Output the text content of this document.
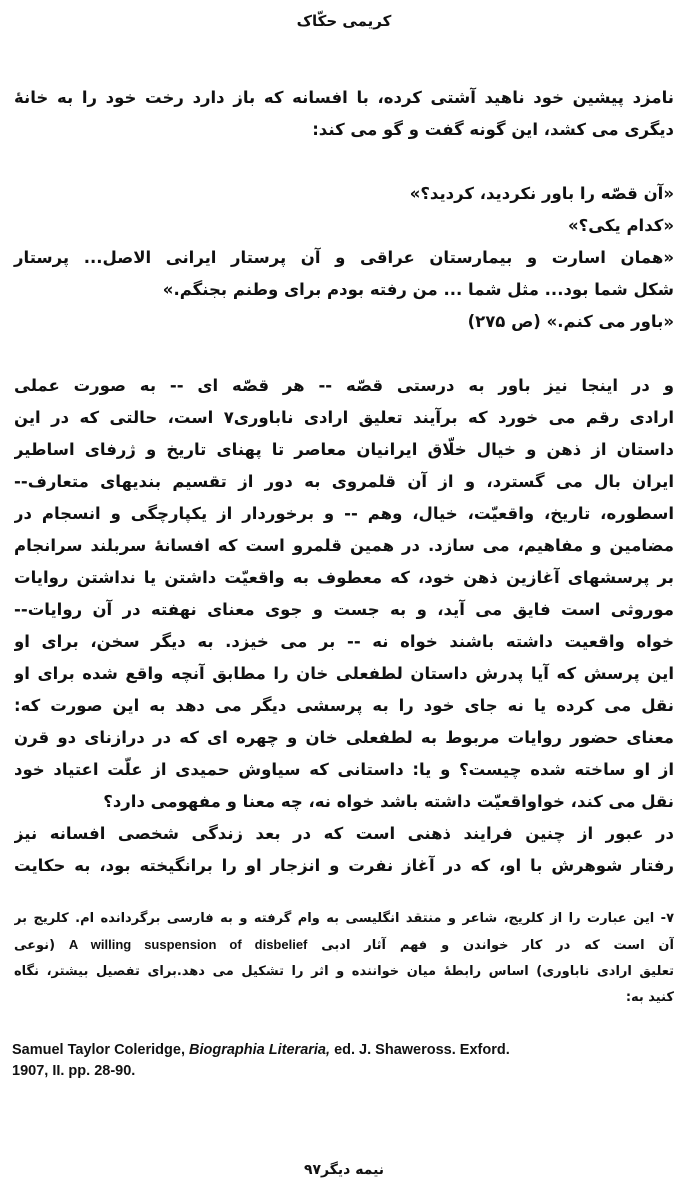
کریمی حکّاک
نامزد پیشین خود ناهید آشتی کرده، با افسانه که باز دارد رخت خود را به خانهٔ
دیگری می کشد، این گونه گفت و گو می کند:
«آن قصّه را باور نکردید، کردید؟»
«کدام یکی؟»
«همان اسارت و بیمارستان عراقی و آن پرستار ایرانی الاصل... پرستار
شکل شما بود... مثل شما ... من رفته بودم برای وطنم بجنگم.»
«باور می کنم.» (ص ۲۷۵)
و در اینجا نیز باور به درستی قصّه -- هر قصّه ای -- به صورت عملی
ارادی رقم می خورد که برآیند تعلیق ارادی ناباوری۷ است، حالتی که در این
داستان از ذهن و خیال خلّاق ایرانیان معاصر تا پهنای تاریخ و ژرفای اساطیر
ایران بال می گسترد، و از آن قلمروی به دور از تقسیم بندیهای متعارف--
اسطوره، تاریخ، واقعیّت، خیال، وهم -- و برخوردار از یکپارچگی و انسجام در
مضامین و مفاهیم، می سازد. در همین قلمرو است که افسانهٔ سربلند سرانجام
بر پرسشهای آغازین ذهن خود، که معطوف به واقعیّت داشتن یا نداشتن روایات
موروثی است فایق می آید، و به جست و جوی معنای نهفته در آن روایات--
خواه واقعیت داشته باشند خواه نه -- بر می خیزد. به دیگر سخن، برای او
این پرسش که آیا پدرش داستان لطفعلی خان را مطابق آنچه واقع شده برای او
نقل می کرده یا نه جای خود را به پرسشی دیگر می دهد به این صورت که:
معنای حضور روایات مربوط به لطفعلی خان و چهره ای که در درازنای دو قرن
از او ساخته شده چیست؟ و یا: داستانی که سیاوش حمیدی از علّت اعتیاد خود
نقل می کند، خواواقعیّت داشته باشد خواه نه، چه معنا و مفهومی دارد؟
در عبور از چنین فرایند ذهنی است که در بعد زندگی شخصی افسانه نیز
رفتار شوهرش با او، که در آغاز نفرت و انزجار او را برانگیخته بود، به حکایت
۷- این عبارت را از کلریج، شاعر و منتقد انگلیسی به وام گرفته و به فارسی برگردانده ام. کلریج بر
آن است که در کار خواندن و فهم آثار ادبی A willing suspension of disbelief (نوعی
تعلیق ارادی ناباوری) اساس رابطهٔ میان خواننده و اثر را تشکیل می دهد.برای تفصیل بیشتر، نگاه
کنید به:
Samuel Taylor Coleridge, Biographia Literaria, ed. J. Shaweross. Exford.
1907, II. pp. 28-90.
نیمه دیگر۹۷
